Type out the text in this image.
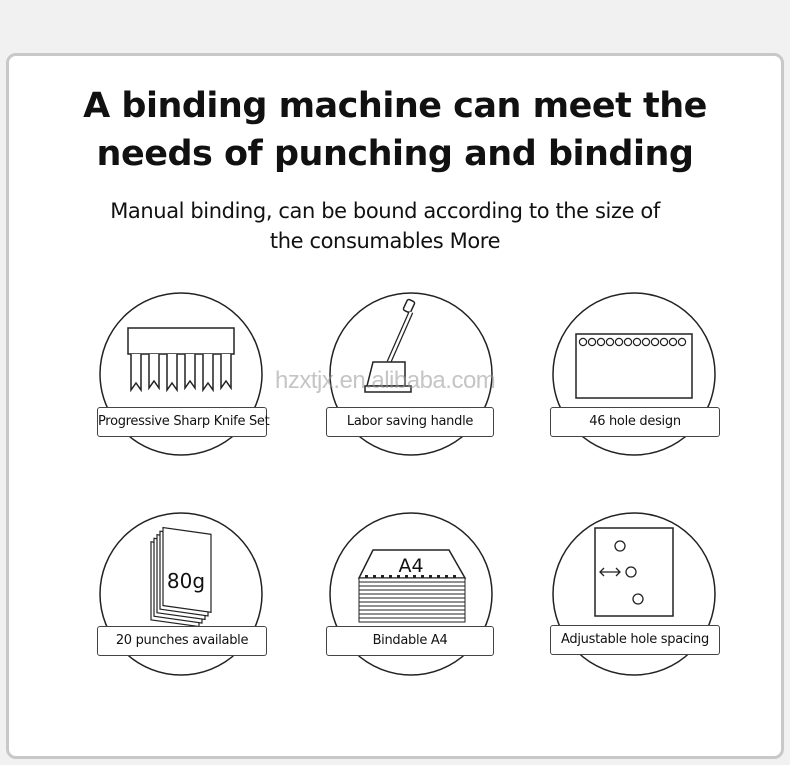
A binding machine can meet the
needs of punching and binding
Manual binding, can be bound according to the size of
the consumables More
Progressive Sharp Knife Set	Labor saving handle	46 hole design
80g
20 punches available
A4
Bindable A4	Adjustable hole spacing
hzxtjx.en.alibaba.com
